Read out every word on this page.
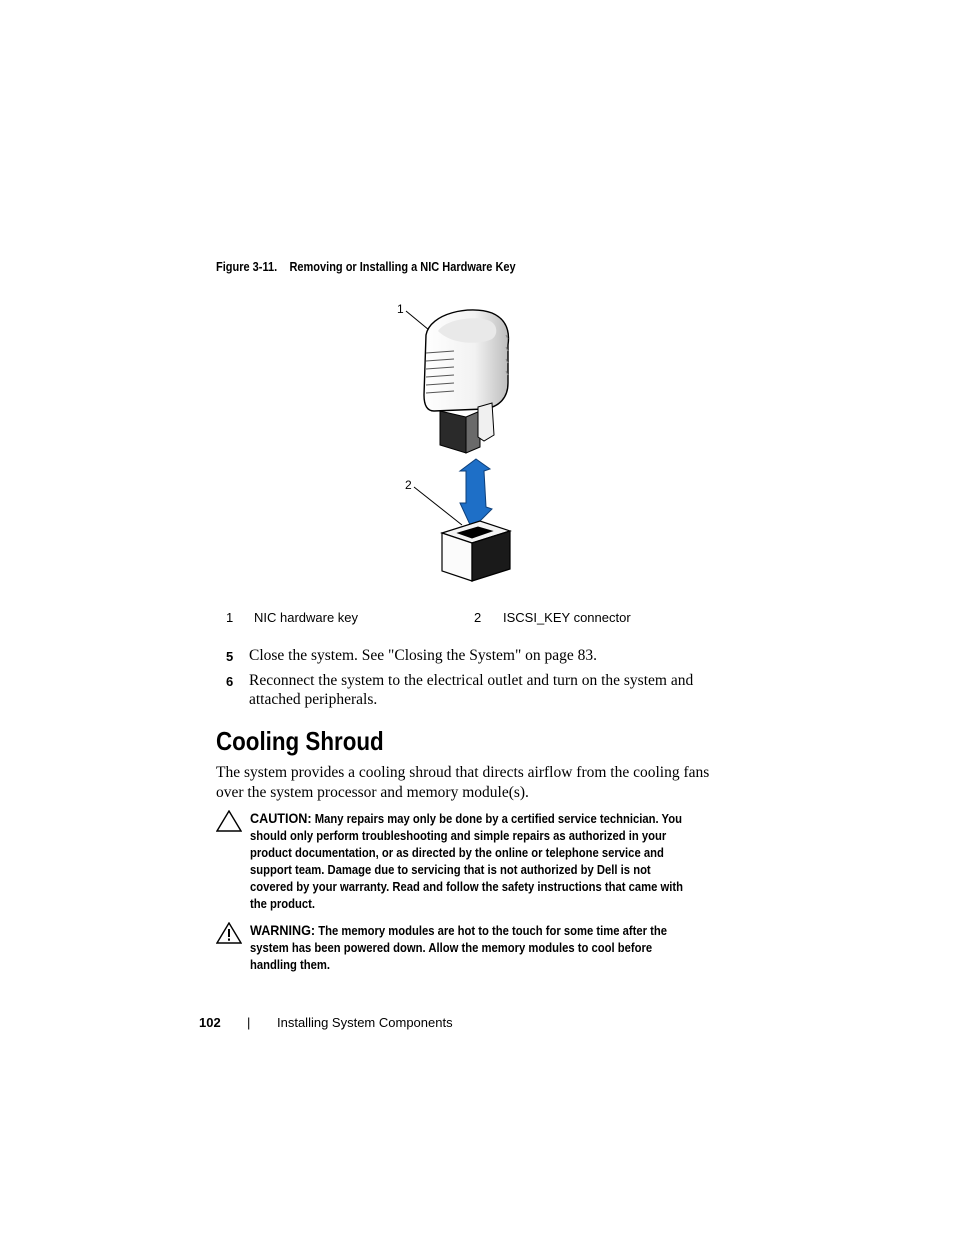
Figure 3-11. Removing or Installing a NIC Hardware Key
1
2
1 NIC hardware key	2 ISCSI_KEY connector
5 Close the system. See "Closing the System" on page 83.
6 Reconnect the system to the electrical outlet and turn on the system and attached peripherals.
Cooling Shroud
The system provides a cooling shroud that directs airflow from the cooling fans over the system processor and memory module(s).
CAUTION: Many repairs may only be done by a certified service technician. You should only perform troubleshooting and simple repairs as authorized in your product documentation, or as directed by the online or telephone service and support team. Damage due to servicing that is not authorized by Dell is not covered by your warranty. Read and follow the safety instructions that came with the product.
WARNING: The memory modules are hot to the touch for some time after the system has been powered down. Allow the memory modules to cool before handling them.
102 | Installing System Components
